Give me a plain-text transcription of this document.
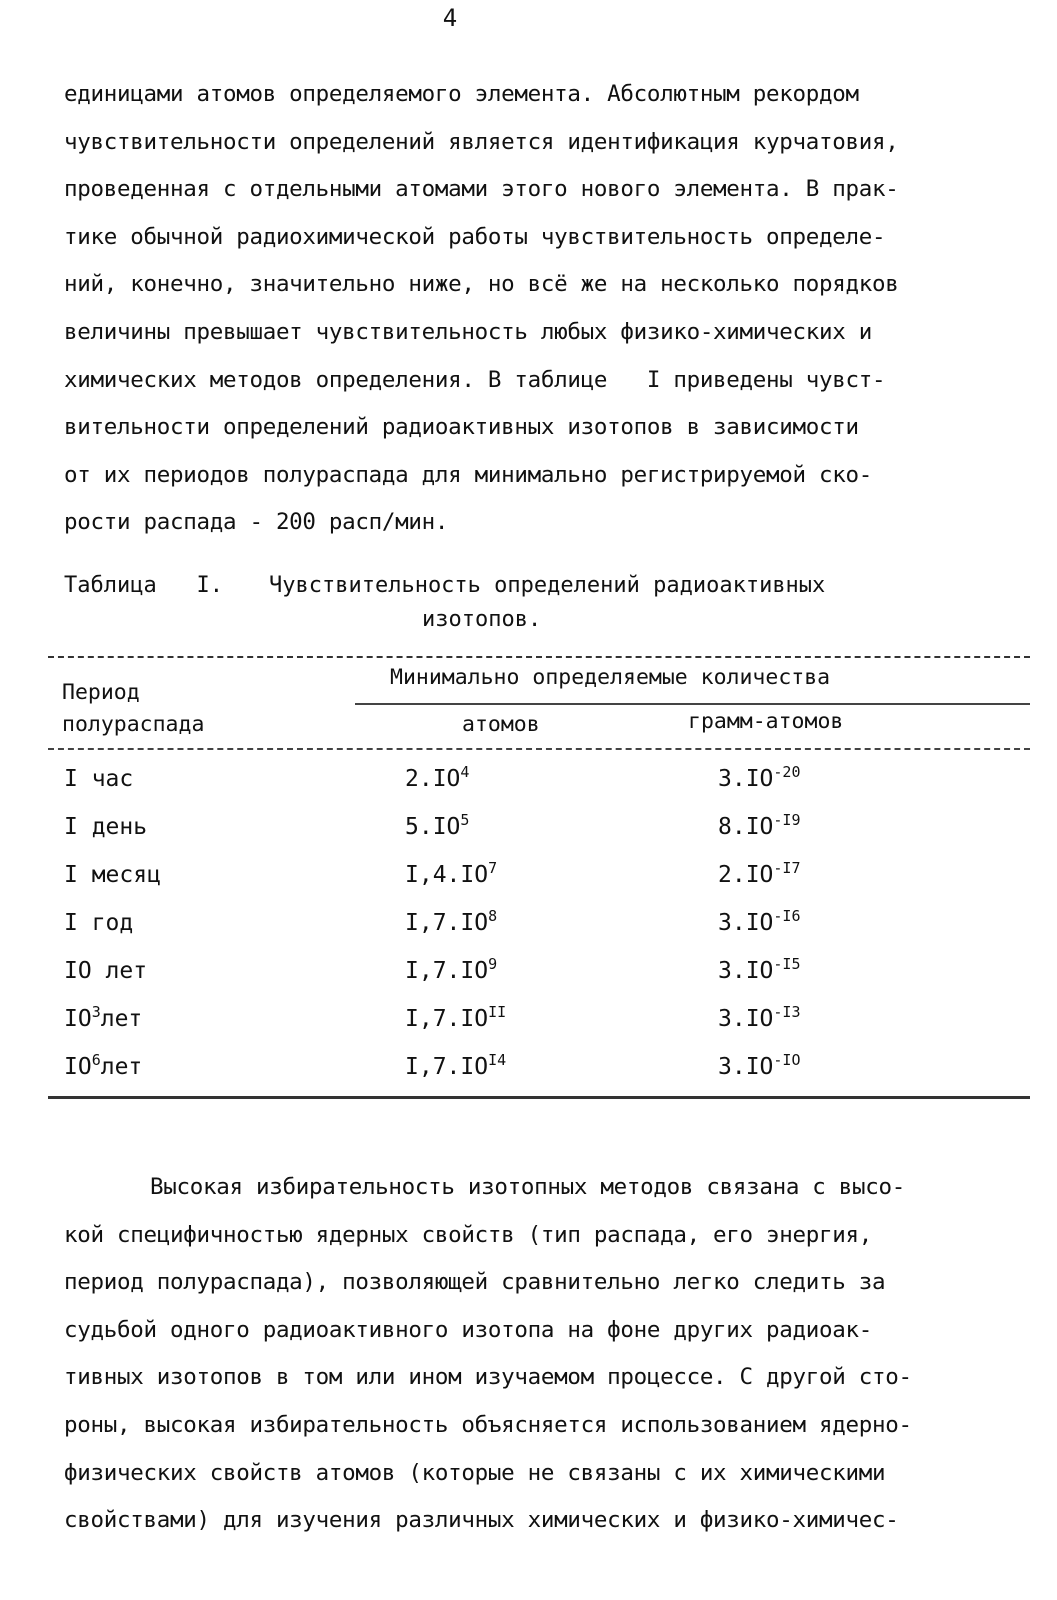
4
единицами атомов определяемого элемента. Абсолютным рекордом
чувствительности определений является идентификация курчатовия,
проведенная с отдельными атомами этого нового элемента. В прак-
тике обычной радиохимической работы чувствительность определе-
ний, конечно, значительно ниже, но всё же на несколько порядков
величины превышает чувствительность любых физико-химических и
химических методов определения. В таблице   I приведены чувст-
вительности определений радиоактивных изотопов в зависимости
от их периодов полураспада для минимально регистрируемой ско-
рости распада - 200 расп/мин.
Таблица   I. Чувствительность определений радиоактивных
изотопов.
Период
полураспада
Минимально определяемые количества
атомов	грамм-атомов
I час	$2.IO^4$	$3.IO^{-20}$
I день	$5.IO^5$	$8.IO^{-I9}$
I месяц	$I,4.IO^7$	$2.IO^{-I7}$
I год	$I,7.IO^8$	$3.IO^{-I6}$
IO лет	$I,7.IO^9$	$3.IO^{-I5}$
$IO^3лет$	$I,7.IO^{II}$	$3.IO^{-I3}$
$IO^6лет$	$I,7.IO^{I4}$	$3.IO^{-IO}$
Высокая избирательность изотопных методов связана с высо-
кой специфичностью ядерных свойств (тип распада, его энергия,
период полураспада), позволяющей сравнительно легко следить за
судьбой одного радиоактивного изотопа на фоне других радиоак-
тивных изотопов в том или ином изучаемом процессе. С другой сто-
роны, высокая избирательность объясняется использованием ядерно-
физических свойств атомов (которые не связаны с их химическими
свойствами) для изучения различных химических и физико-химичес-
